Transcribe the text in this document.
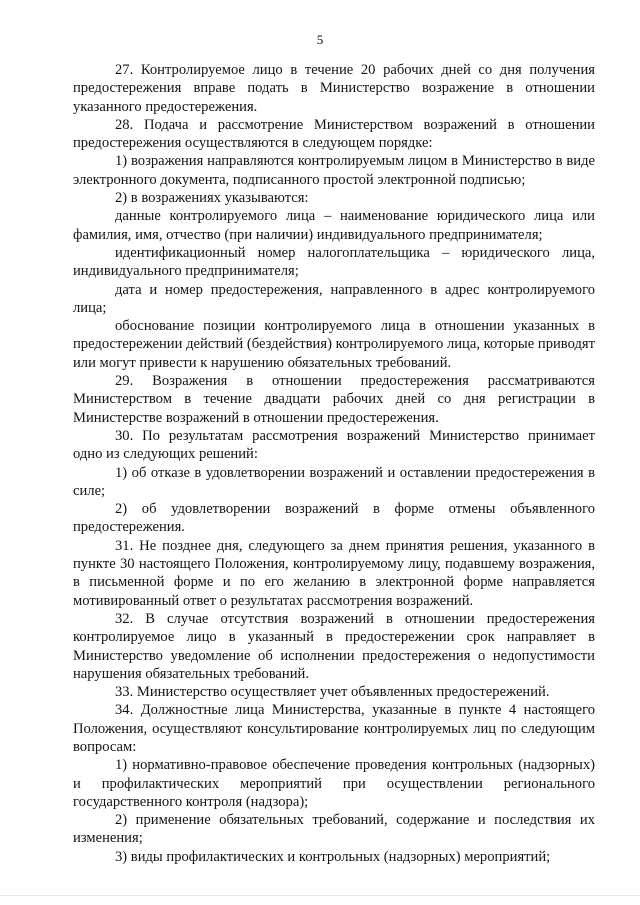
5

27. Контролируемое лицо в течение 20 рабочих дней со дня получения предостережения вправе подать в Министерство возражение в отношении указанного предостережения.

28. Подача и рассмотрение Министерством возражений в отношении предостережения осуществляются в следующем порядке:

1) возражения направляются контролируемым лицом в Министерство в виде электронного документа, подписанного простой электронной подписью;

2) в возражениях указываются:

данные контролируемого лица – наименование юридического лица или фамилия, имя, отчество (при наличии) индивидуального предпринимателя;

идентификационный номер налогоплательщика – юридического лица, индивидуального предпринимателя;

дата и номер предостережения, направленного в адрес контролируемого лица;

обоснование позиции контролируемого лица в отношении указанных в предостережении действий (бездействия) контролируемого лица, которые приводят или могут привести к нарушению обязательных требований.

29. Возражения в отношении предостережения рассматриваются Министерством в течение двадцати рабочих дней со дня регистрации в Министерстве возражений в отношении предостережения.

30. По результатам рассмотрения возражений Министерство принимает одно из следующих решений:

1) об отказе в удовлетворении возражений и оставлении предостережения в силе;

2) об удовлетворении возражений в форме отмены объявленного предостережения.

31. Не позднее дня, следующего за днем принятия решения, указанного в пункте 30 настоящего Положения, контролируемому лицу, подавшему возражения, в письменной форме и по его желанию в электронной форме направляется мотивированный ответ о результатах рассмотрения возражений.

32. В случае отсутствия возражений в отношении предостережения контролируемое лицо в указанный в предостережении срок направляет в Министерство уведомление об исполнении предостережения о недопустимости нарушения обязательных требований.

33. Министерство осуществляет учет объявленных предостережений.

34. Должностные лица Министерства, указанные в пункте 4 настоящего Положения, осуществляют консультирование контролируемых лиц по следующим вопросам:

1) нормативно-правовое обеспечение проведения контрольных (надзорных) и профилактических мероприятий при осуществлении регионального государственного контроля (надзора);

2) применение обязательных требований, содержание и последствия их изменения;

3) виды профилактических и контрольных (надзорных) мероприятий;
